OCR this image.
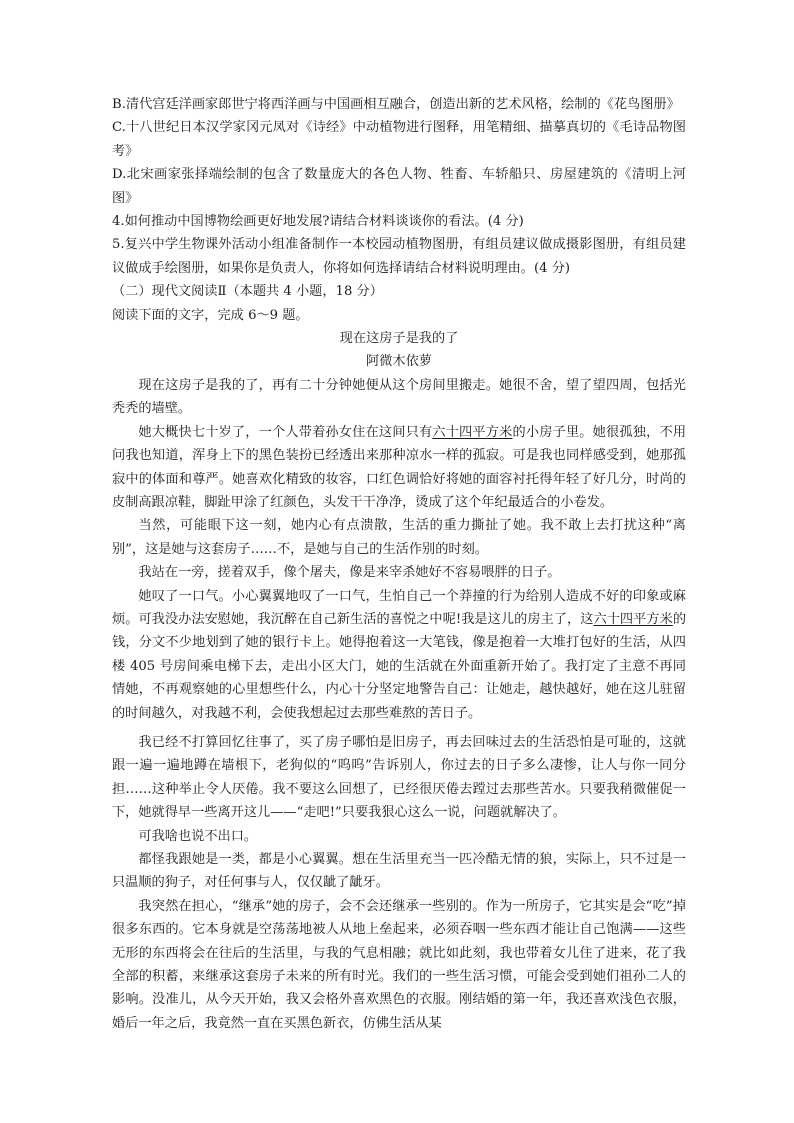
B.清代宫廷洋画家郎世宁将西洋画与中国画相互融合，创造出新的艺术风格，绘制的《花鸟图册》

C.十八世纪日本汉学家冈元凤对《诗经》中动植物进行图释，用笔精细、描摹真切的《毛诗品物图考》

D.北宋画家张择端绘制的包含了数量庞大的各色人物、牲畜、车轿船只、房屋建筑的《清明上河图》

4.如何推动中国博物绘画更好地发展?请结合材料谈谈你的看法。(4 分)

5.复兴中学生物课外活动小组准备制作一本校园动植物图册，有组员建议做成摄影图册，有组员建议做成手绘图册，如果你是负责人，你将如何选择请结合材料说明理由。(4 分)

（二）现代文阅读Ⅱ（本题共 4 小题，18 分）

阅读下面的文字，完成 6～9 题。

现在这房子是我的了

阿微木依萝

现在这房子是我的了，再有二十分钟她便从这个房间里搬走。她很不舍，望了望四周，包括光秃秃的墙壁。

她大概快七十岁了，一个人带着孙女住在这间只有六十四平方米的小房子里。她很孤独，不用问我也知道，浑身上下的黑色装扮已经透出来那种凉水一样的孤寂。可是我也同样感受到，她那孤寂中的体面和尊严。她喜欢化精致的妆容，口红色调恰好将她的面容衬托得年轻了好几分，时尚的皮制高跟凉鞋，脚趾甲涂了红颜色，头发干干净净，烫成了这个年纪最适合的小卷发。

当然，可能眼下这一刻，她内心有点溃散，生活的重力撕扯了她。我不敢上去打扰这种“离别”，这是她与这套房子……不，是她与自己的生活作别的时刻。

我站在一旁，搓着双手，像个屠夫，像是来宰杀她好不容易喂胖的日子。

她叹了一口气。小心翼翼地叹了一口气，生怕自己一个莽撞的行为给别人造成不好的印象或麻烦。可我没办法安慰她，我沉醉在自己新生活的喜悦之中呢!我是这儿的房主了，这六十四平方米的钱，分文不少地划到了她的银行卡上。她得抱着这一大笔钱，像是抱着一大堆打包好的生活，从四楼 405 号房间乘电梯下去，走出小区大门，她的生活就在外面重新开始了。我打定了主意不再同情她，不再观察她的心里想些什么，内心十分坚定地警告自己：让她走，越快越好，她在这儿驻留的时间越久，对我越不利，会使我想起过去那些难熬的苦日子。

我已经不打算回忆往事了，买了房子哪怕是旧房子，再去回味过去的生活恐怕是可耻的，这就跟一遍一遍地蹲在墙根下，老狗似的“呜呜”告诉别人，你过去的日子多么凄惨，让人与你一同分担……这种举止令人厌倦。我不要这么回想了，已经很厌倦去蹚过去那些苦水。只要我稍微催促一下，她就得早一些离开这儿——“走吧!”只要我狠心这么一说，问题就解决了。

可我啥也说不出口。

都怪我跟她是一类，都是小心翼翼。想在生活里充当一匹冷酷无情的狼，实际上，只不过是一只温顺的狗子，对任何事与人，仅仅龇了龇牙。

我突然在担心，“继承”她的房子，会不会还继承一些别的。作为一所房子，它其实是会“吃”掉很多东西的。它本身就是空荡荡地被人从地上垒起来，必须吞咽一些东西才能让自己饱满——这些无形的东西将会在往后的生活里，与我的气息相融；就比如此刻，我也带着女儿住了进来，花了我全部的积蓄，来继承这套房子未来的所有时光。我们的一些生活习惯，可能会受到她们祖孙二人的影响。没准儿，从今天开始，我又会格外喜欢黑色的衣服。刚结婚的第一年，我还喜欢浅色衣服，婚后一年之后，我竟然一直在买黑色新衣，仿佛生活从某
